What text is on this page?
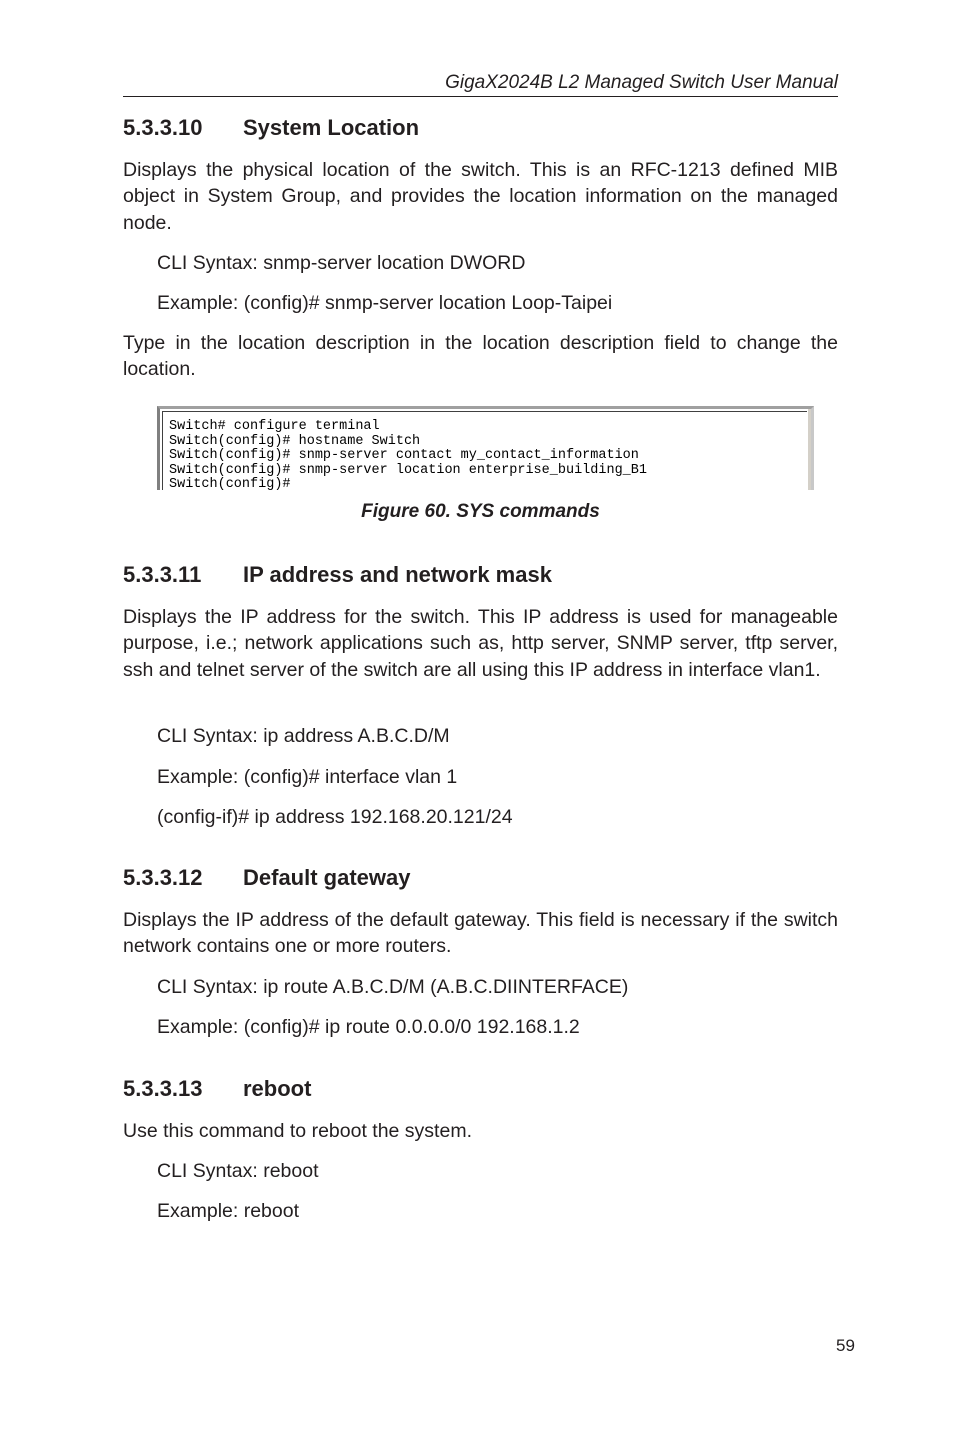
GigaX2024B L2 Managed Switch User Manual
5.3.3.10 System Location
Displays the physical location of the switch. This is an RFC-1213 defined MIB object in System Group, and provides the location information on the managed node.
CLI Syntax: snmp-server location DWORD
Example: (config)# snmp-server location Loop-Taipei
Type in the location description in the location description field to change the location.
Switch# configure terminal
Switch(config)# hostname Switch
Switch(config)# snmp-server contact my_contact_information
Switch(config)# snmp-server location enterprise_building_B1
Switch(config)#
Figure 60. SYS commands
5.3.3.11 IP address and network mask
Displays the IP address for the switch. This IP address is used for manageable purpose, i.e.; network applications such as, http server, SNMP server, tftp server, ssh and telnet server of the switch are all using this IP address in interface vlan1.
CLI Syntax: ip address A.B.C.D/M
Example: (config)# interface vlan 1
(config-if)# ip address 192.168.20.121/24
5.3.3.12 Default gateway
Displays the IP address of the default gateway. This field is necessary if the switch network contains one or more routers.
CLI Syntax: ip route A.B.C.D/M (A.B.C.DIINTERFACE)
Example: (config)# ip route 0.0.0.0/0 192.168.1.2
5.3.3.13 reboot
Use this command to reboot the system.
CLI Syntax: reboot
Example: reboot
59
